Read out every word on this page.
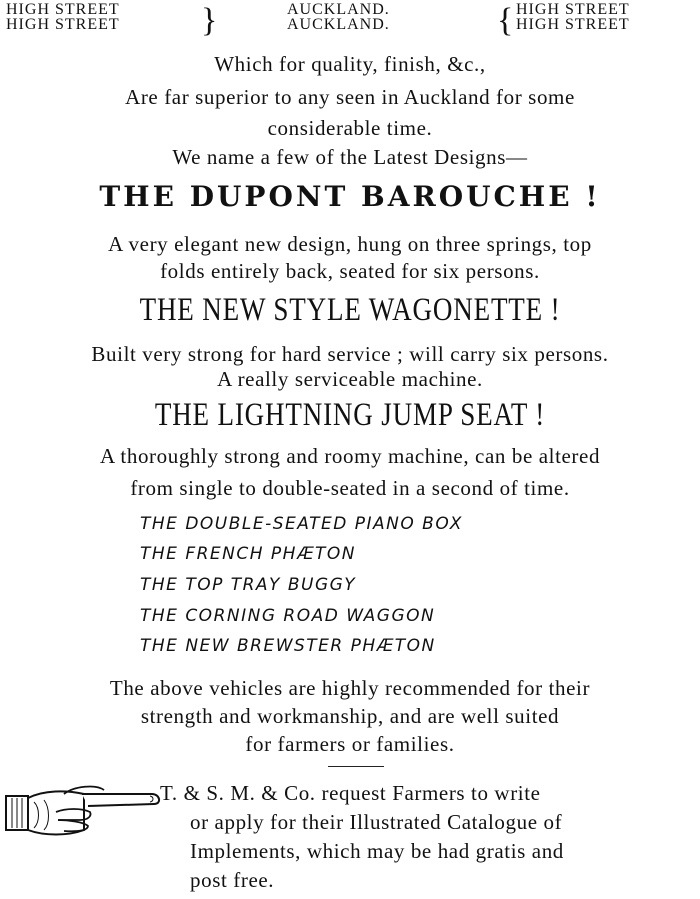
HIGH STREET
HIGH STREET }	AUCKLAND.
AUCKLAND.	{ HIGH STREET
HIGH STREET
Which for quality, finish, &c.,
Are far superior to any seen in Auckland for some
considerable time.
We name a few of the Latest Designs—
THE DUPONT BAROUCHE !
A very elegant new design, hung on three springs, top
folds entirely back, seated for six persons.
THE NEW STYLE WAGONETTE !
Built very strong for hard service ; will carry six persons.
A really serviceable machine.
THE LIGHTNING JUMP SEAT !
A thoroughly strong and roomy machine, can be altered
from single to double-seated in a second of time.
THE DOUBLE-SEATED PIANO BOX
THE FRENCH PHÆTON
THE TOP TRAY BUGGY
THE CORNING ROAD WAGGON
THE NEW BREWSTER PHÆTON
The above vehicles are highly recommended for their
strength and workmanship, and are well suited
for farmers or families.
T. & S. M. & Co. request Farmers to write
or apply for their Illustrated Catalogue of
Implements, which may be had gratis and
post free.
